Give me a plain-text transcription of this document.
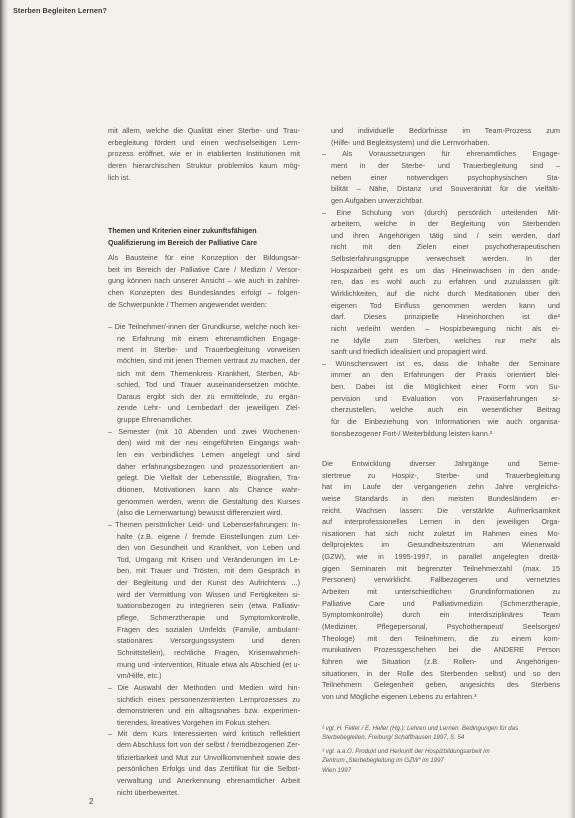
Sterben Begleiten Lernen?
mit allem, welche die Qualität einer Sterbe- und Trau-
erbegleitung fördert und einen wechselseitigen Lern-
prozess eröffnet, wie er in etablierten Institutionen mit
deren hierarchischen Struktur problemlos kaum mög-
lich ist.
Themen und Kriterien einer zukunftsfähigen
Qualifizierung im Bereich der Palliative Care
Als Bausteine für eine Konzeption der Bildungsar-
beit im Bereich der Palliative Care / Medizin / Versor-
gung können nach unserer Ansicht – wie auch in zahlrei-
chen Konzepten des Bundeslandes erfolgt – folgen-
de Schwerpunkte / Themen angewendet werden:
– Die Teilnehmer/-innen der Grundkurse, welche noch kei-
ne Erfahrung mit einem ehrenamtlichen Engage-
ment in Sterbe- und Trauerbegleitung vorweisen
möchten, sind mit jenen Themen vertraut zu machen, der
sich mit dem Themenkreis Krankheit, Sterben, Ab-
schied, Tod und Trauer auseinandersetzen möchte.
Daraus ergibt sich der zu ermittelnde, zu ergän-
zende Lehr- und Lernbedarf der jeweiligen Ziel-
gruppe Ehrenamtlicher.
– Semester (mit 10 Abenden und zwei Wochenen-
den) wird mit der neu eingeführten Eingangs wah-
len ein verbindliches Lernen angelegt und sind
daher erfahrungsbezogen und prozessorientiert an-
gelegt. Die Vielfalt der Lebensstile, Biografien, Tra-
ditionen, Motivationen kann als Chance wahr-
genommen werden, wenn die Gestaltung des Kurses
(also die Lernerwartung) bewusst differenziert wird.
– Themen persönlicher Leid- und Lebenserfahrungen: In-
halte (z.B. eigene / fremde Einstellungen zum Lei-
den von Gesundheit und Krankheit, von Leben und
Tod, Umgang mit Krisen und Veränderungen im Le-
ben, mit Trauer und Trösten, mit dem Gespräch in
der Begleitung und der Kunst des Aufrichtens ...)
wird der Vermittlung von Wissen und Fertigkeiten si-
tuationsbezogen zu integrieren sein (etwa Palliativ-
pflege, Schmerztherapie und Symptomkontrolle,
Fragen des sozialen Umfelds (Familie, ambulant-
stationäres Versorgungssystem und deren
Schnittstellen), rechtliche Fragen, Krisenwahrneh-
mung und -intervention, Rituale etwa als Abschied (et u-
vm/Hilfe, etc.)
– Die Auswahl der Methoden und Medien wird hin-
sichtlich eines personenzentrierten Lernprozesses zu
demonstrieren und ein alltagsnahes bzw. experimen-
tierendes, kreatives Vorgehen im Fokus stehen.
– Mit dem Kurs Interessierten wird kritisch reflektiert
dem Abschluss fort von der selbst / fremdbezogenen Zer-
tifizierbarkeit und Mut zur Unvollkommenheit sowie des
persönlichen Erfolgs und das Zertifikat für die Selbst-
verwaltung und Anerkennung ehrenamtlicher Arbeit
nicht überbewertet.
und individuelle Bedürfnisse im Team-Prozess zum
(Hilfe- und Begleitsystem) und die Lernvorhaben.
– Als Voraussetzungen für ehrenamtliches Engage-
ment in der Sterbe- und Trauerbegleitung sind –
neben einer notwendigen psychophysischen Sta-
bilität – Nähe, Distanz und Souveränität für die vielfälti-
gen Aufgaben unverzichtbar.
– Eine Schulung von (durch) persönlich urteilenden Mit-
arbeitern, welche in der Begleitung von Sterbenden
und ihren Angehörigen tätig sind / sein werden, darf
nicht mit den Zielen einer psychotherapeutischen
Selbsterfahrungsgruppe verwechselt werden. In der
Hospizarbeit geht es um das Hineinwachsen in den ande-
ren, das es wohl auch zu erfahren und zuzulassen gilt:
Wirklichkeiten, auf die nicht durch Meditationen über den
eigenen Tod Einfluss genommen werden kann und
darf. Dieses prinzipielle Hineinhorchen ist die²
nicht verleiht werden – Hospizbewegung nicht als ei-
ne Idylle zum Sterben, welches nur mehr als
sanft und friedlich idealisiert und propagiert wird.
– Wünschenswert ist es, dass die Inhalte der Seminare
immer an den Erfahrungen der Praxis orientiert blei-
ben. Dabei ist die Möglichkeit einer Form von Su-
pervision und Evaluation von Praxiserfahrungen si-
cherzustellen, welche auch ein wesentlicher Beitrag
für die Einbeziehung von Informationen wie auch organisa-
tionsbezogener Fort-/ Weiterbildung leisten kann.²
Die Entwicklung diverser Jahrgänge und Seme-
stertreue zu Hospiz-, Sterbe- und Trauerbegleitung
hat im Laufe der vergangenen zehn Jahre vergleichs-
weise Standards in den meisten Bundesländern er-
reicht. Wachsen lassen: Die verstärkte Aufmerksamkeit
auf interprofessionelles Lernen in den jeweiligen Orga-
nisationen hat sich nicht zuletzt im Rahmen eines Mo-
dellprojektes im Gesundheitszentrum am Wienerwald
(GZW), wie in 1995-1997, in parallel angelegten dreitä-
gigen Seminaren mit begrenzter Teilnehmerzahl (max. 15
Personen) verwirklicht. Fallbezogenes und vernetztes
Arbeiten mit unterschiedlichen Grundinformationen zu
Palliative Care und Palliativmedizin (Schmerztherapie,
Symptomkontrolle) durch ein interdisziplinäres Team
(Mediziner, Pflegepersonal, Psychotherapeut/ Seelsorger/
Theologe) mit den Teilnehmern, die zu einem kom-
munikativen Prozessgeschehen bei die ANDERE Person
führen wie Situation (z.B. Rollen- und Angehörigen-
situationen, in der Rolle des Sterbenden selbst) und so den
Teilnehmern Gelegenheit geben, angesichts des Sterbens
von und Mögliche eigenen Lebens zu erfahren.³
² vgl. H. Feller / E. Heller (Hg.): Lehren und Lernen. Bedingungen für das
Sterbebegleiten, Freiburg/ Schaffhausen 1997, S. 54
³ vgl. a.a.O. Produkt und Herkunft der Hospizbildungsarbeit im
Zentrum „Sterbebegleitung im GZW“ im 1997
Wien 1997
2
